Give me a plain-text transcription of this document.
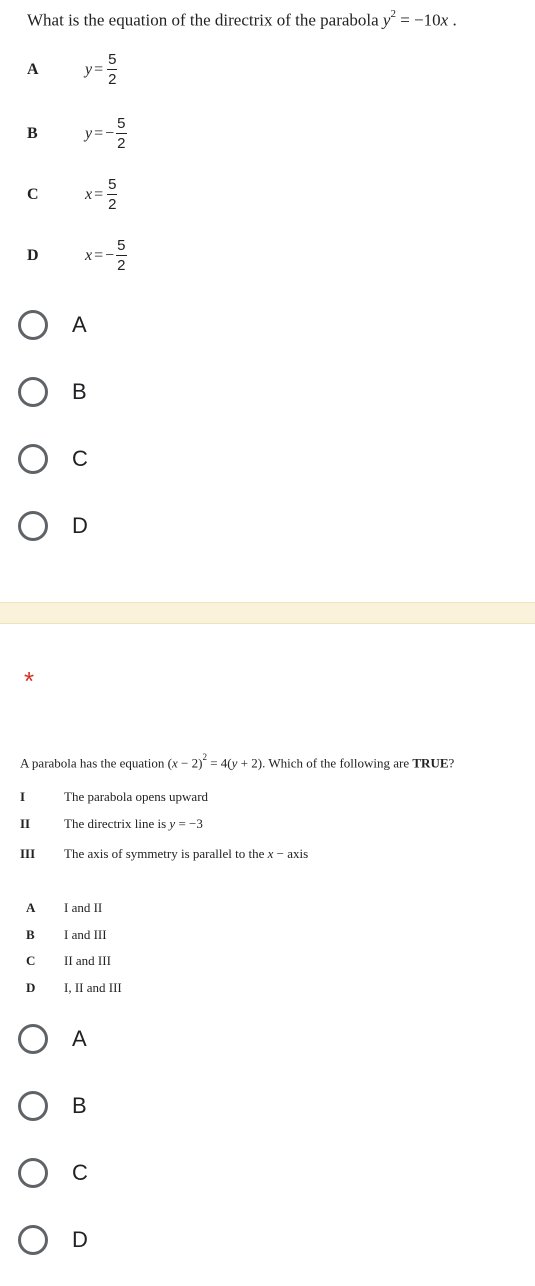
What is the equation of the directrix of the parabola $y^2 = -10x$ .
A	$y = \frac{5}{2}$
B	y = − $\frac{5}{2}$
C	$x = \frac{5}{2}$
D	x = − $\frac{5}{2}$
A
B
C
D
*
A parabola has the equation $(x - 2)^2 = 4(y + 2)$. Which of the following are TRUE?
I	The parabola opens upward
II	The directrix line is y = −3
III	The axis of symmetry is parallel to the x − axis
A	I and II
B	I and III
C	II and III
D	I, II and III
A
B
C
D
